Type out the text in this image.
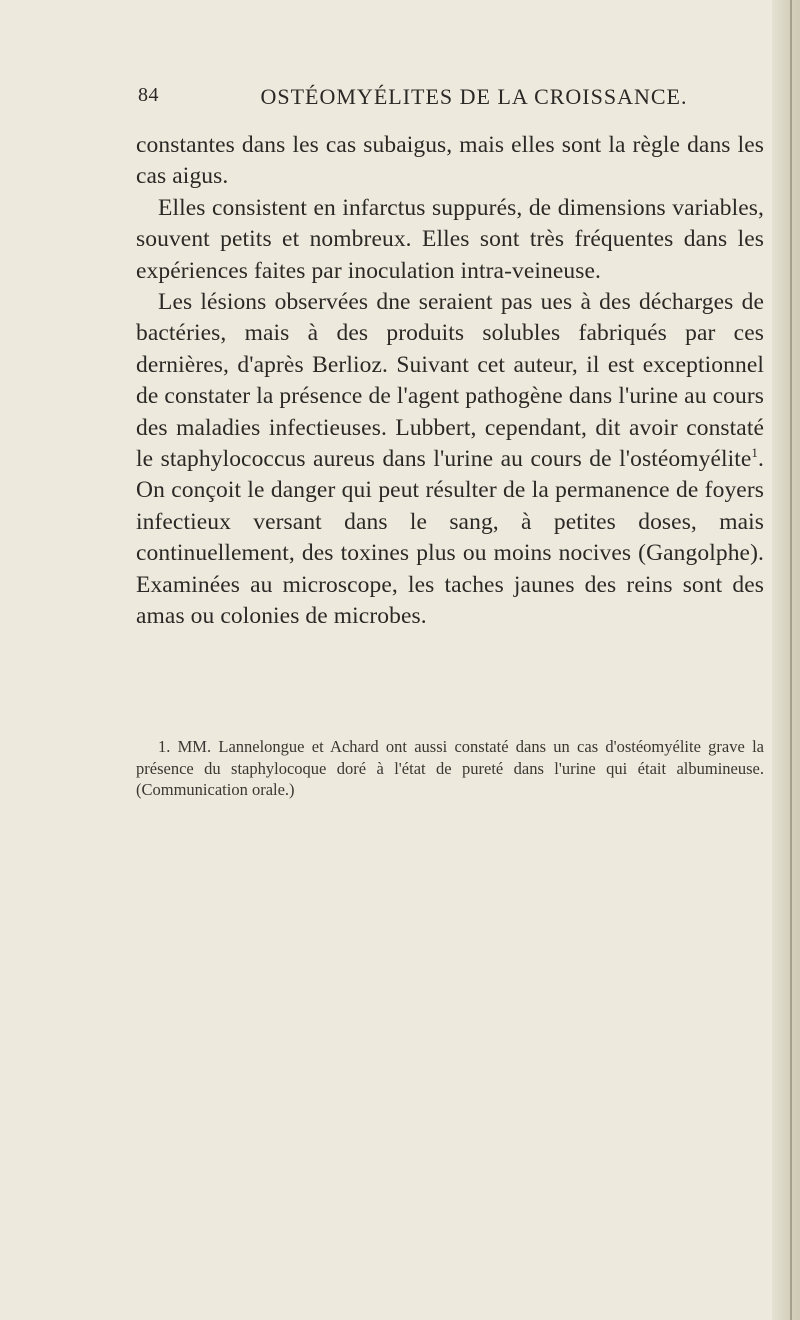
84	OSTÉOMYÉLITES DE LA CROISSANCE.

constantes dans les cas subaigus, mais elles sont la règle dans les cas aigus.

Elles consistent en infarctus suppurés, de dimensions variables, souvent petits et nombreux. Elles sont très fréquentes dans les expériences faites par inoculation intra-veineuse.

Les lésions observées dne seraient pas ues à des décharges de bactéries, mais à des produits solubles fabriqués par ces dernières, d'après Berlioz. Suivant cet auteur, il est exceptionnel de constater la présence de l'agent pathogène dans l'urine au cours des maladies infectieuses. Lubbert, cependant, dit avoir constaté le staphylococcus aureus dans l'urine au cours de l'ostéomyélite$^1$. On conçoit le danger qui peut résulter de la permanence de foyers infectieux versant dans le sang, à petites doses, mais continuellement, des toxines plus ou moins nocives (Gangolphe). Examinées au microscope, les taches jaunes des reins sont des amas ou colonies de microbes.

1. MM. Lannelongue et Achard ont aussi constaté dans un cas d'ostéomyélite grave la présence du staphylocoque doré à l'état de pureté dans l'urine qui était albumineuse. (Communication orale.)
